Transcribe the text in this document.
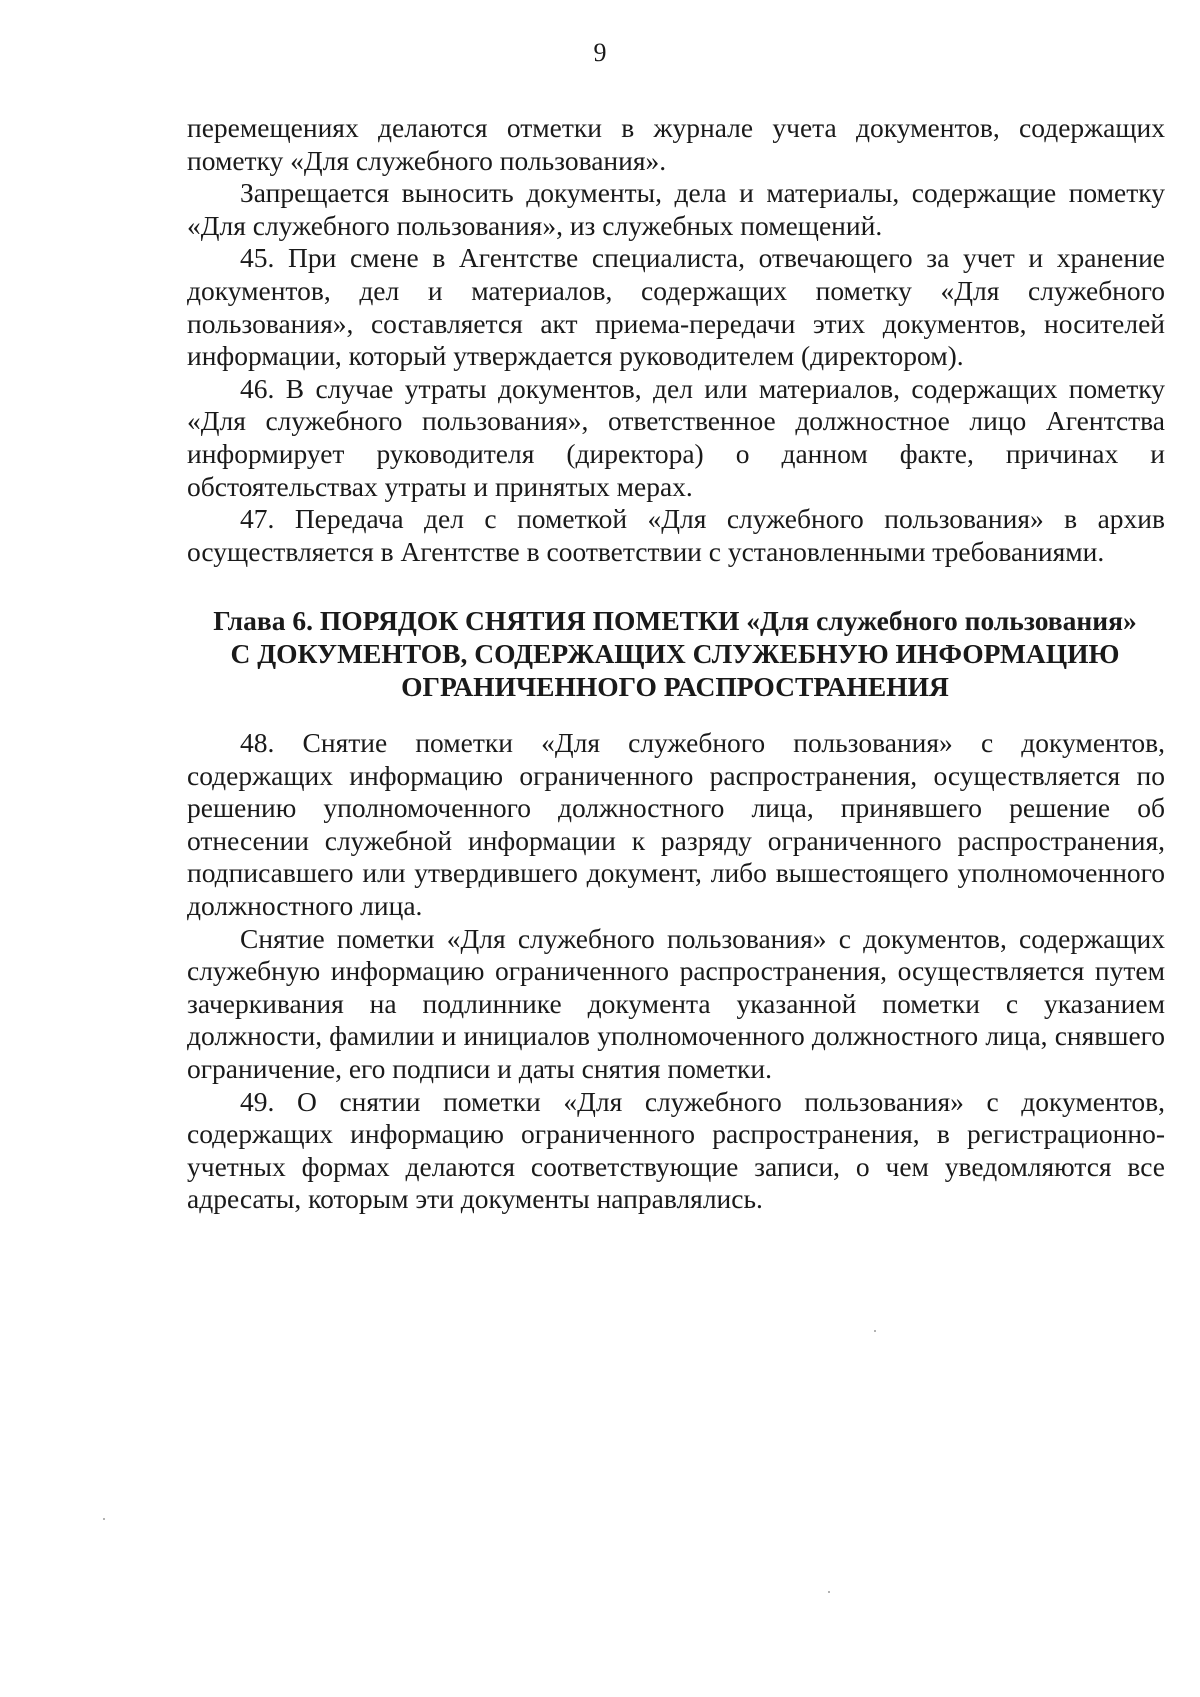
9

перемещениях делаются отметки в журнале учета документов, содержащих пометку «Для служебного пользования».

Запрещается выносить документы, дела и материалы, содержащие пометку «Для служебного пользования», из служебных помещений.

45. При смене в Агентстве специалиста, отвечающего за учет и хранение документов, дел и материалов, содержащих пометку «Для служебного пользования», составляется акт приема-передачи этих документов, носителей информации, который утверждается руководителем (директором).

46. В случае утраты документов, дел или материалов, содержащих пометку «Для служебного пользования», ответственное должностное лицо Агентства информирует руководителя (директора) о данном факте, причинах и обстоятельствах утраты и принятых мерах.

47. Передача дел с пометкой «Для служебного пользования» в архив осуществляется в Агентстве в соответствии с установленными требованиями.

Глава 6. ПОРЯДОК СНЯТИЯ ПОМЕТКИ «Для служебного пользования»
С ДОКУМЕНТОВ, СОДЕРЖАЩИХ СЛУЖЕБНУЮ ИНФОРМАЦИЮ
ОГРАНИЧЕННОГО РАСПРОСТРАНЕНИЯ

48. Снятие пометки «Для служебного пользования» с документов, содержащих информацию ограниченного распространения, осуществляется по решению уполномоченного должностного лица, принявшего решение об отнесении служебной информации к разряду ограниченного распространения, подписавшего или утвердившего документ, либо вышестоящего уполномоченного должностного лица.

Снятие пометки «Для служебного пользования» с документов, содержащих служебную информацию ограниченного распространения, осуществляется путем зачеркивания на подлиннике документа указанной пометки с указанием должности, фамилии и инициалов уполномоченного должностного лица, снявшего ограничение, его подписи и даты снятия пометки.

49. О снятии пометки «Для служебного пользования» с документов, содержащих информацию ограниченного распространения, в регистрационно-учетных формах делаются соответствующие записи, о чем уведомляются все адресаты, которым эти документы направлялись.
